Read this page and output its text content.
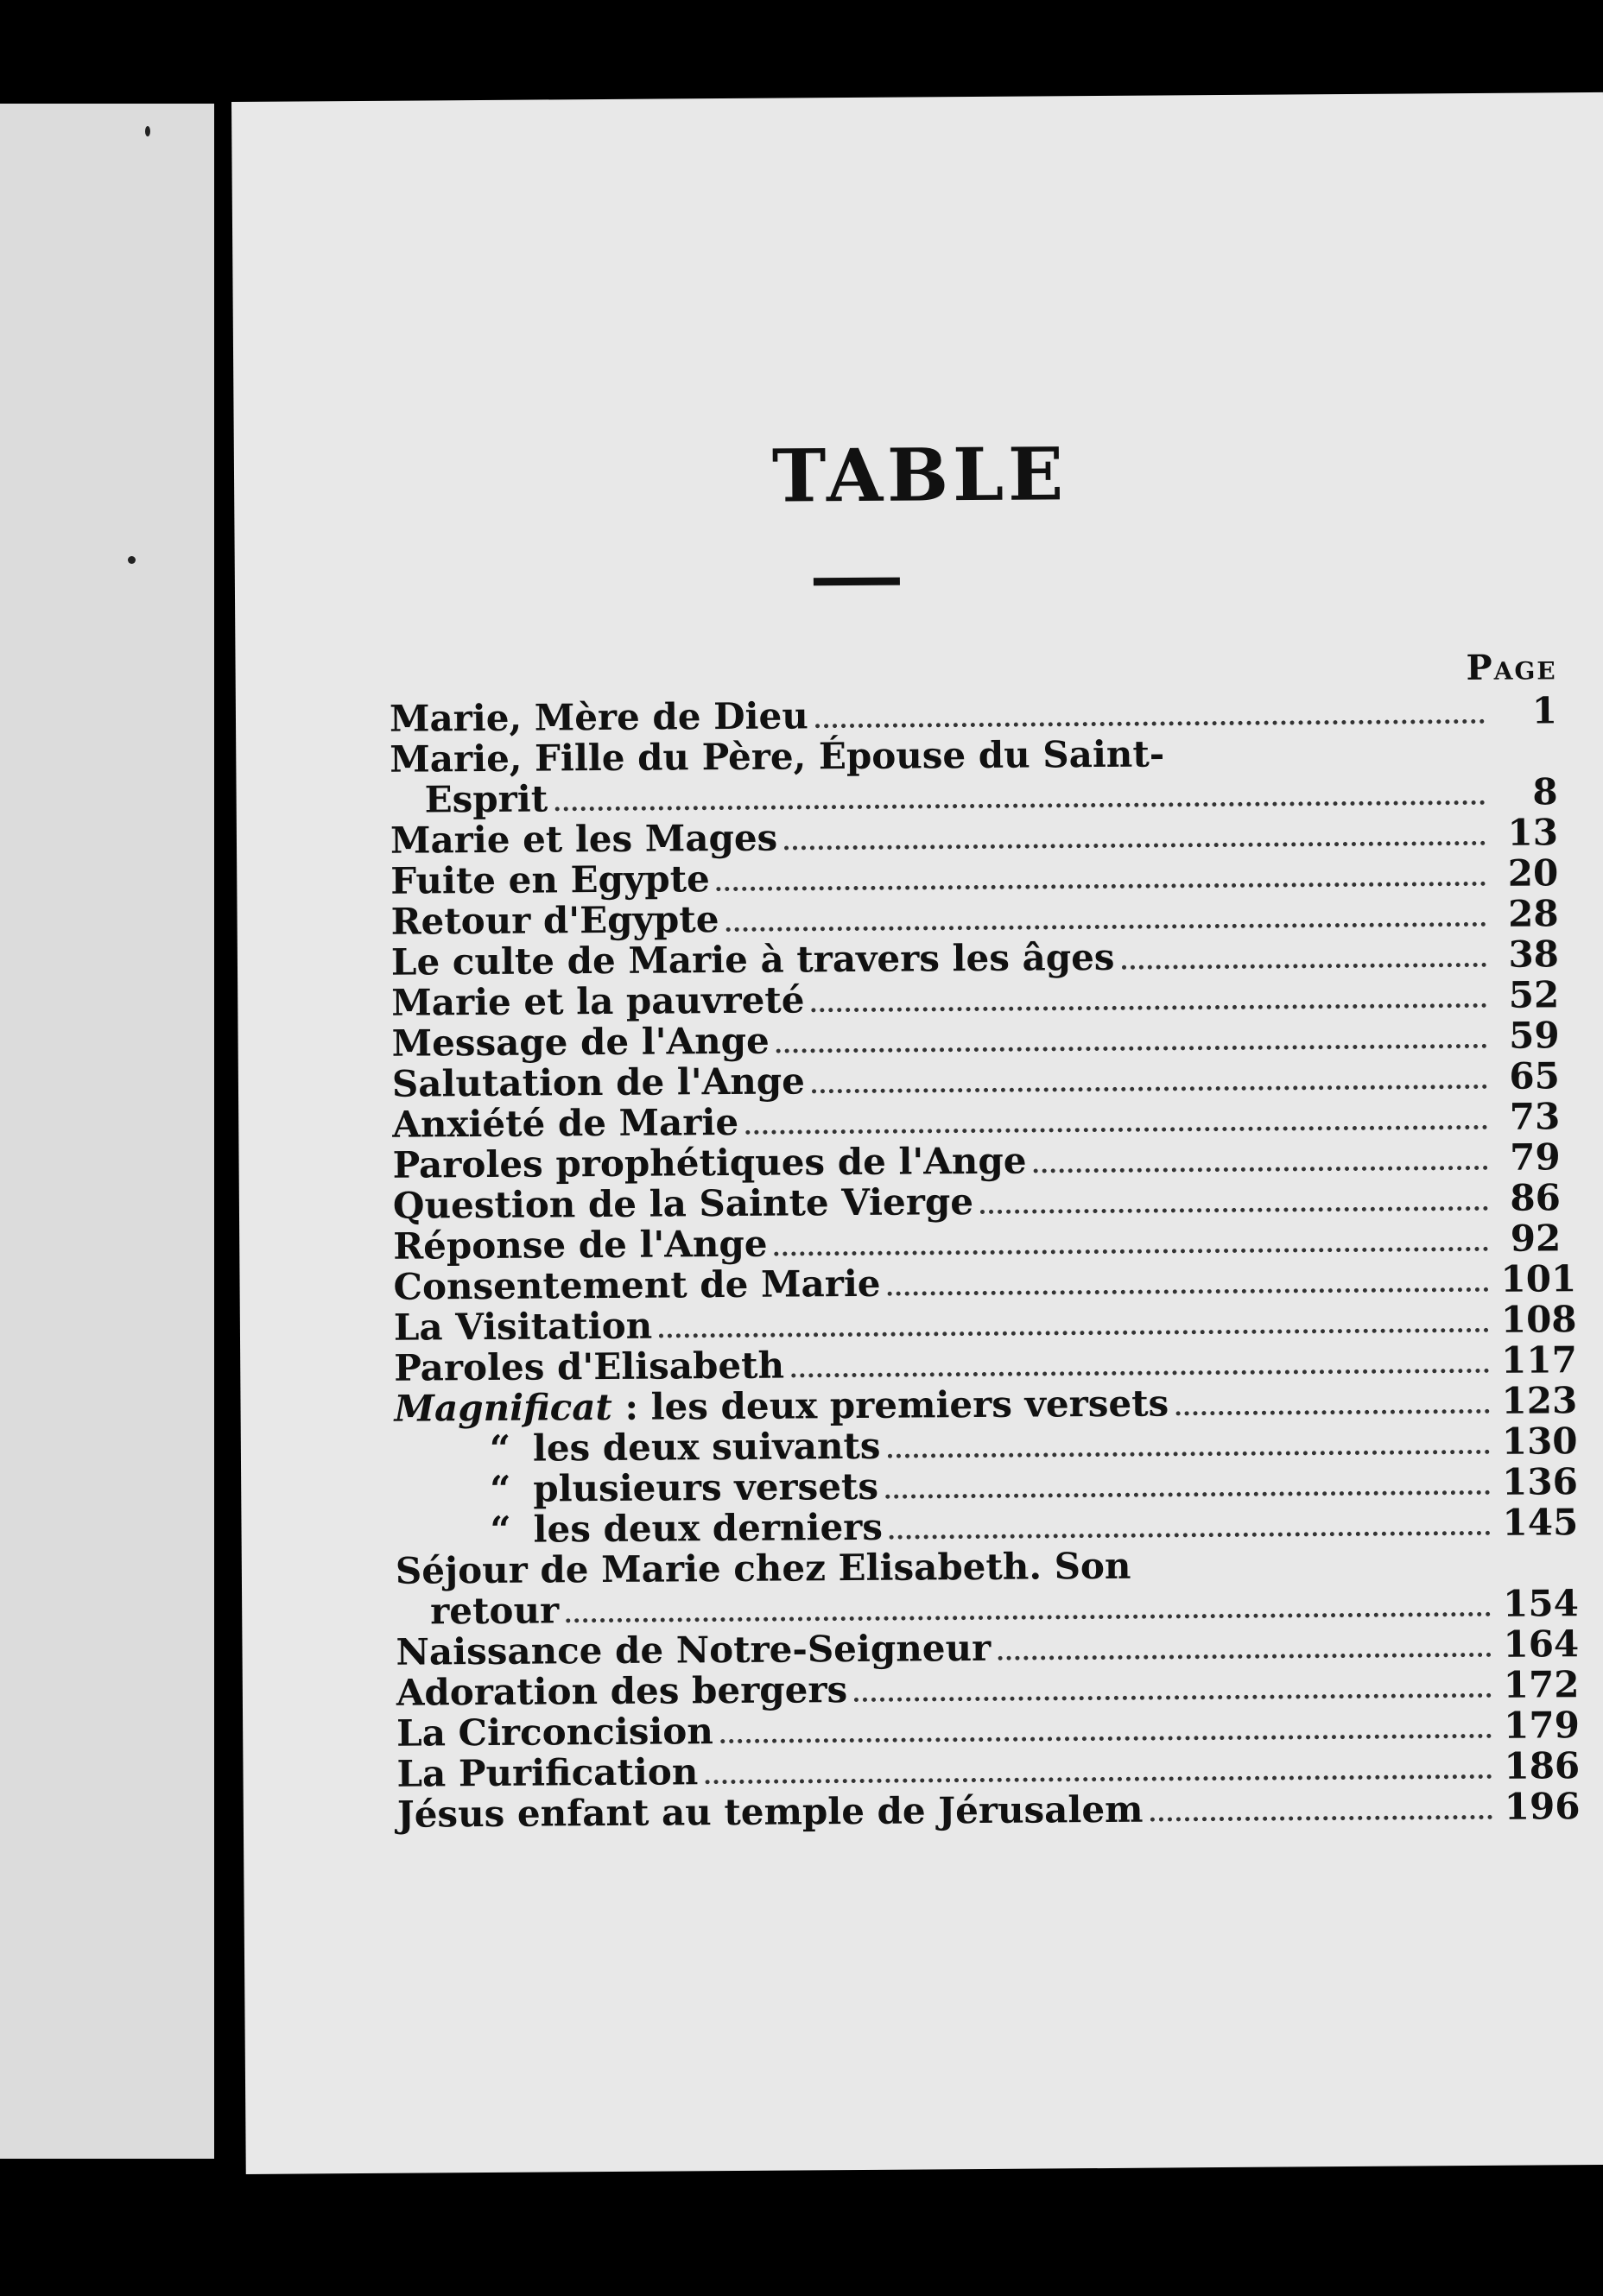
TABLE
Page
Marie, Mère de Dieu	1
Marie, Fille du Père, Épouse du Saint-
Esprit	8
Marie et les Mages	13
Fuite en Egypte	20
Retour d'Egypte	28
Le culte de Marie à travers les âges	38
Marie et la pauvreté	52
Message de l'Ange	59
Salutation de l'Ange	65
Anxiété de Marie	73
Paroles prophétiques de l'Ange	79
Question de la Sainte Vierge	86
Réponse de l'Ange	92
Consentement de Marie	101
La Visitation	108
Paroles d'Elisabeth	117
Magnificat : les deux premiers versets	123
“ les deux suivants	130
“ plusieurs versets	136
“ les deux derniers	145
Séjour de Marie chez Elisabeth. Son
retour	154
Naissance de Notre-Seigneur	164
Adoration des bergers	172
La Circoncision	179
La Purification	186
Jésus enfant au temple de Jérusalem	196
